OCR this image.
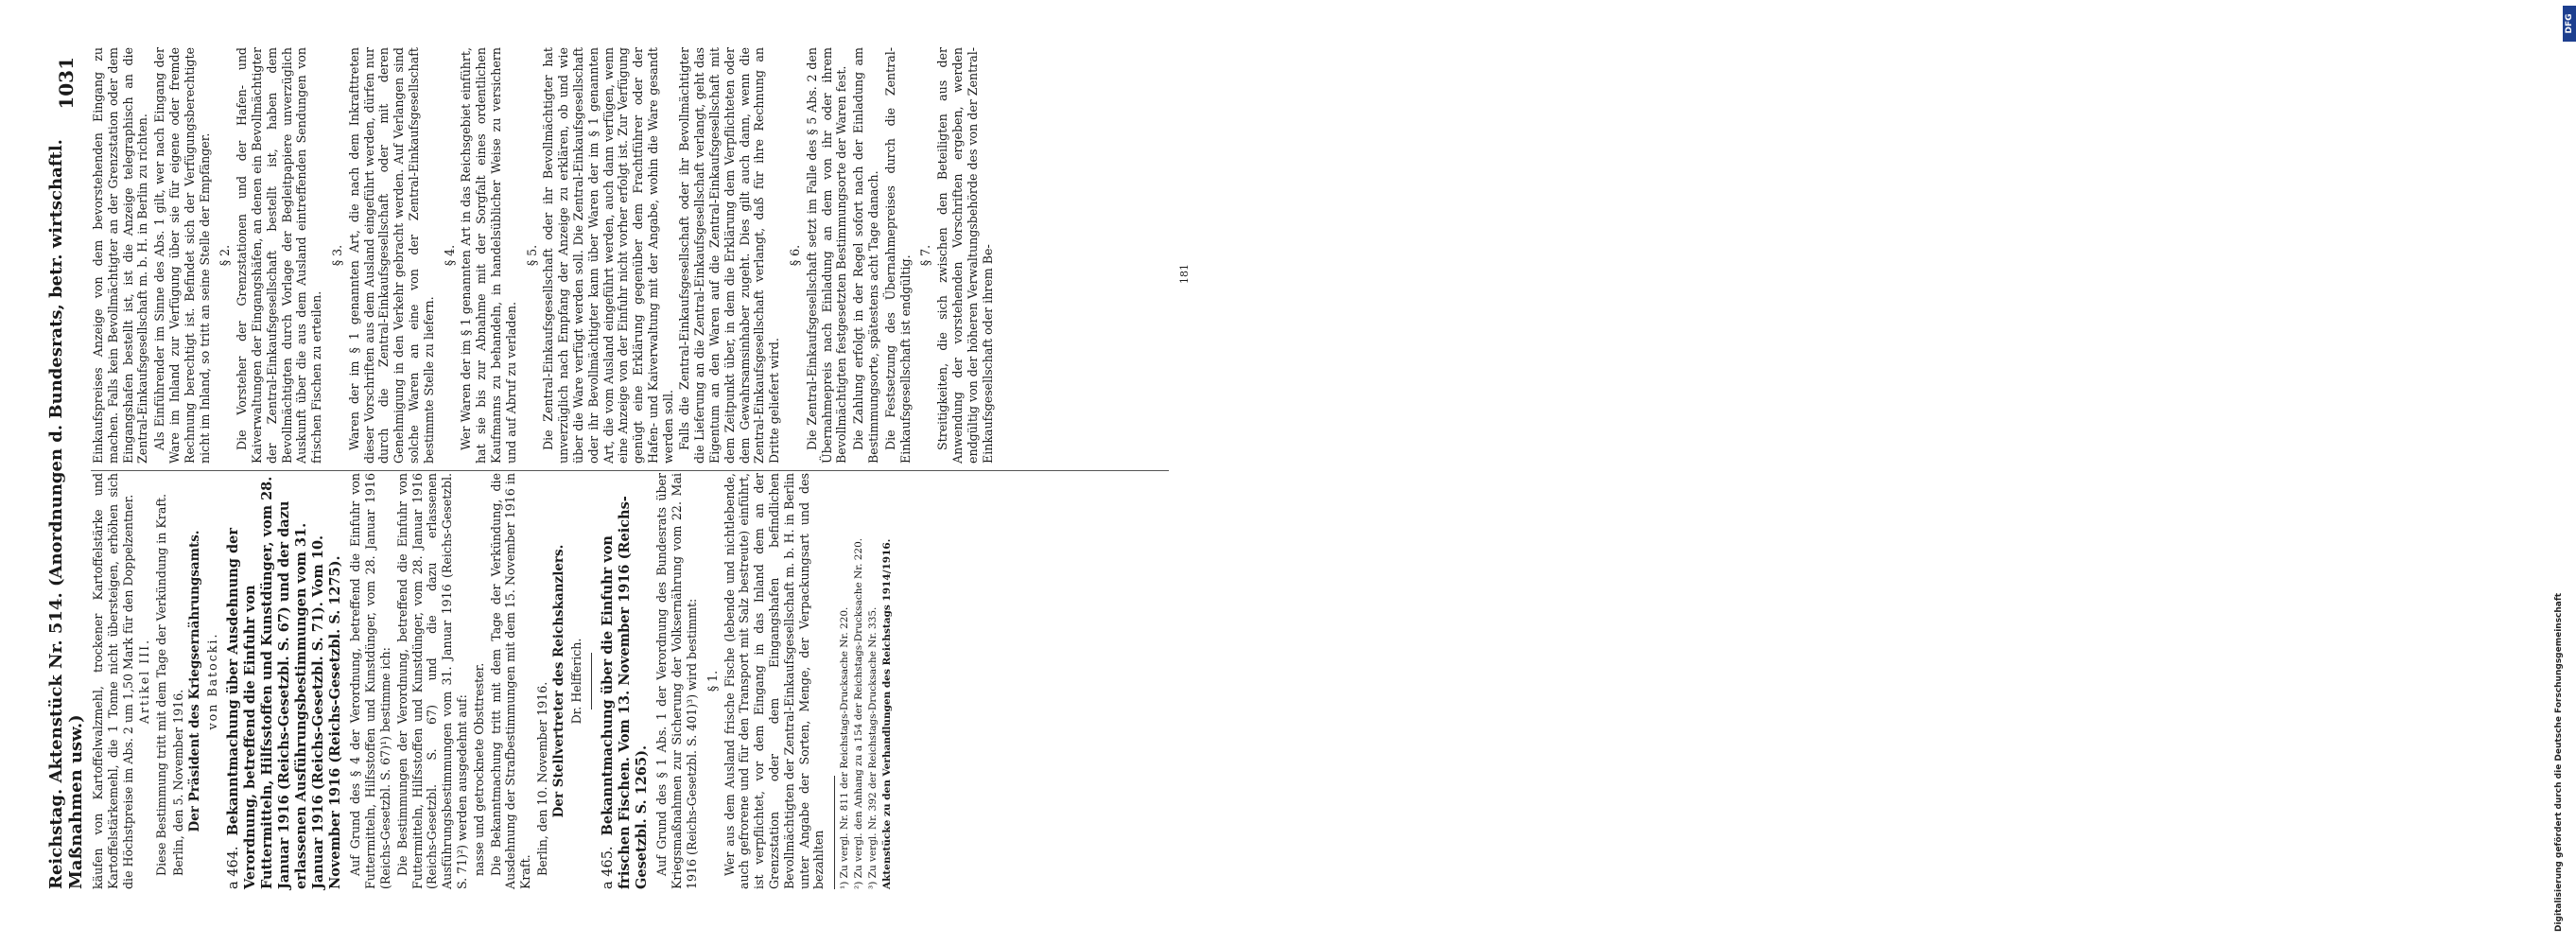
Reichstag. Aktenstück Nr. 514. (Anordnungen d. Bundesrats, betr. wirtschaftl. Maßnahmen usw.)
1031

käufen von Kartoffelwalzmehl, trockener Kartoffelstärke und Kartoffelstärkemehl, die 1 Tonne nicht übersteigen, erhöhen sich die Höchstpreise im Abs. 2 um 1,50 Mark für den Doppelzentner. Artikel III. Diese Bestimmung tritt mit dem Tage der Verkündung in Kraft. Berlin, den 5. November 1916. Der Präsident des Kriegsernährungsamts. von Batocki.

a 464. Bekanntmachung über Ausdehnung der Verordnung, betreffend die Einfuhr von Futtermitteln, Hilfsstoffen und Kunstdünger, vom 28. Januar 1916 (Reichs-Gesetzbl. S. 67) und der dazu erlassenen Ausführungsbestimmungen vom 31. Januar 1916 (Reichs-Gesetzbl. S. 71). Vom 10. November 1916 (Reichs-Gesetzbl. S. 1275). Auf Grund des § 4 der Verordnung, betreffend die Einfuhr von Futtermitteln, Hilfsstoffen und Kunstdünger, vom 28. Januar 1916 (Reichs-Gesetzbl. S. 67)¹) bestimme ich: Die Bestimmungen der Verordnung, betreffend die Einfuhr von Futtermitteln, Hilfsstoffen und Kunstdünger, vom 28. Januar 1916 (Reichs-Gesetzbl. S. 67) und die dazu erlassenen Ausführungsbestimmungen vom 31. Januar 1916 (Reichs-Gesetzbl. S. 71)²) werden ausgedehnt auf: nasse und getrocknete Obsttrester. Die Bekanntmachung tritt mit dem Tage der Verkündung, die Ausdehnung der Strafbestimmungen mit dem 15. November 1916 in Kraft. Berlin, den 10. November 1916. Der Stellvertreter des Reichskanzlers. Dr. Helfferich.

a 465. Bekanntmachung über die Einfuhr von frischen Fischen. Vom 13. November 1916 (Reichs-Gesetzbl. S. 1265). Auf Grund des § 1 Abs. 1 der Verordnung des Bundesrats über Kriegsmaßnahmen zur Sicherung der Volksernährung vom 22. Mai 1916 (Reichs-Gesetzbl. S. 401)³) wird bestimmt: § 1. Wer aus dem Ausland frische Fische (lebende und nichtlebende, auch gefrorene und für den Transport mit Salz bestreute) einführt, ist verpflichtet, vor dem Eingang in das Inland dem an der Grenzstation oder dem Eingangshafen befindlichen Bevollmächtigten der Zentral-Einkaufsgesellschaft m. b. H. in Berlin unter Angabe der Sorten, Menge, der Verpackungsart und des bezahlten ¹) Zu vergl. Nr. 811 der Reichstags-Drucksache Nr. 220. ²) Zu vergl. den Anhang zu a 154 der Reichstags-Drucksache Nr. 220. ³) Zu vergl. Nr. 392 der Reichstags-Drucksache Nr. 335. Aktenstücke zu den Verhandlungen des Reichstags 1914/1916.

Einkaufspreises Anzeige von dem bevorstehenden Eingang zu machen. Falls kein Bevollmächtigter an der Grenzstation oder dem Eingangshafen bestellt ist, ist die Anzeige telegraphisch an die Zentral-Einkaufsgesellschaft m. b. H. in Berlin zu richten. Als Einführender im Sinne des Abs. 1 gilt, wer nach Eingang der Ware im Inland zur Verfügung über sie für eigene oder fremde Rechnung berechtigt ist. Befindet sich der Verfügungsberechtigte nicht im Inland, so tritt an seine Stelle der Empfänger. § 2. Die Vorsteher der Grenzstationen und der Hafen- und Kaiverwaltungen der Eingangshäfen, an denen ein Bevollmächtigter der Zentral-Einkaufsgesellschaft bestellt ist, haben dem Bevollmächtigten durch Vorlage der Begleitpapiere unverzüglich Auskunft über die aus dem Ausland eintreffenden Sendungen von frischen Fischen zu erteilen.

§ 3. Waren der im § 1 genannten Art, die nach dem Inkrafttreten dieser Vorschriften aus dem Ausland eingeführt werden, dürfen nur durch die Zentral-Einkaufsgesellschaft oder mit deren Genehmigung in den Verkehr gebracht werden. Auf Verlangen sind solche Waren an eine von der Zentral-Einkaufsgesellschaft bestimmte Stelle zu liefern.

§ 4. Wer Waren der im § 1 genannten Art in das Reichsgebiet einführt, hat sie bis zur Abnahme mit der Sorgfalt eines ordentlichen Kaufmanns zu behandeln, in handelsüblicher Weise zu versichern und auf Abruf zu verladen.

§ 5. Die Zentral-Einkaufsgesellschaft oder ihr Bevollmächtigter hat unverzüglich nach Empfang der Anzeige zu erklären, ob und wie über die Ware verfügt werden soll. Die Zentral-Einkaufsgesellschaft oder ihr Bevollmächtigter kann über Waren der im § 1 genannten Art, die vom Ausland eingeführt werden, auch dann verfügen, wenn eine Anzeige von der Einfuhr nicht vorher erfolgt ist. Zur Verfügung genügt eine Erklärung gegenüber dem Frachtführer oder der Hafen- und Kaiverwaltung mit der Angabe, wohin die Ware gesandt werden soll. Falls die Zentral-Einkaufsgesellschaft oder ihr Bevollmächtigter die Lieferung an die Zentral-Einkaufsgesellschaft verlangt, geht das Eigentum an den Waren auf die Zentral-Einkaufsgesellschaft mit dem Zeitpunkt über, in dem die Erklärung dem Verpflichteten oder dem Gewahrsamsinhaber zugeht. Dies gilt auch dann, wenn die Zentral-Einkaufsgesellschaft verlangt, daß für ihre Rechnung an Dritte geliefert wird.

§ 6. Die Zentral-Einkaufsgesellschaft setzt im Falle des § 5 Abs. 2 den Übernahmepreis nach Einladung an dem von ihr oder ihrem Bevollmächtigten festgesetzten Bestimmungsorte der Waren fest. Die Zahlung erfolgt in der Regel sofort nach der Einladung am Bestimmungsorte, spätestens acht Tage danach. Die Festsetzung des Übernahmepreises durch die Zentral-Einkaufsgesellschaft ist endgültig. § 7. Streitigkeiten, die sich zwischen den Beteiligten aus der Anwendung der vorstehenden Vorschriften ergeben, werden endgültig von der höheren Verwaltungsbehörde des von der Zentral-Einkaufsgesellschaft oder ihrem Be-	181
Digitalisierung gefördert durch die Deutsche Forschungsgemeinschaft
DFG
